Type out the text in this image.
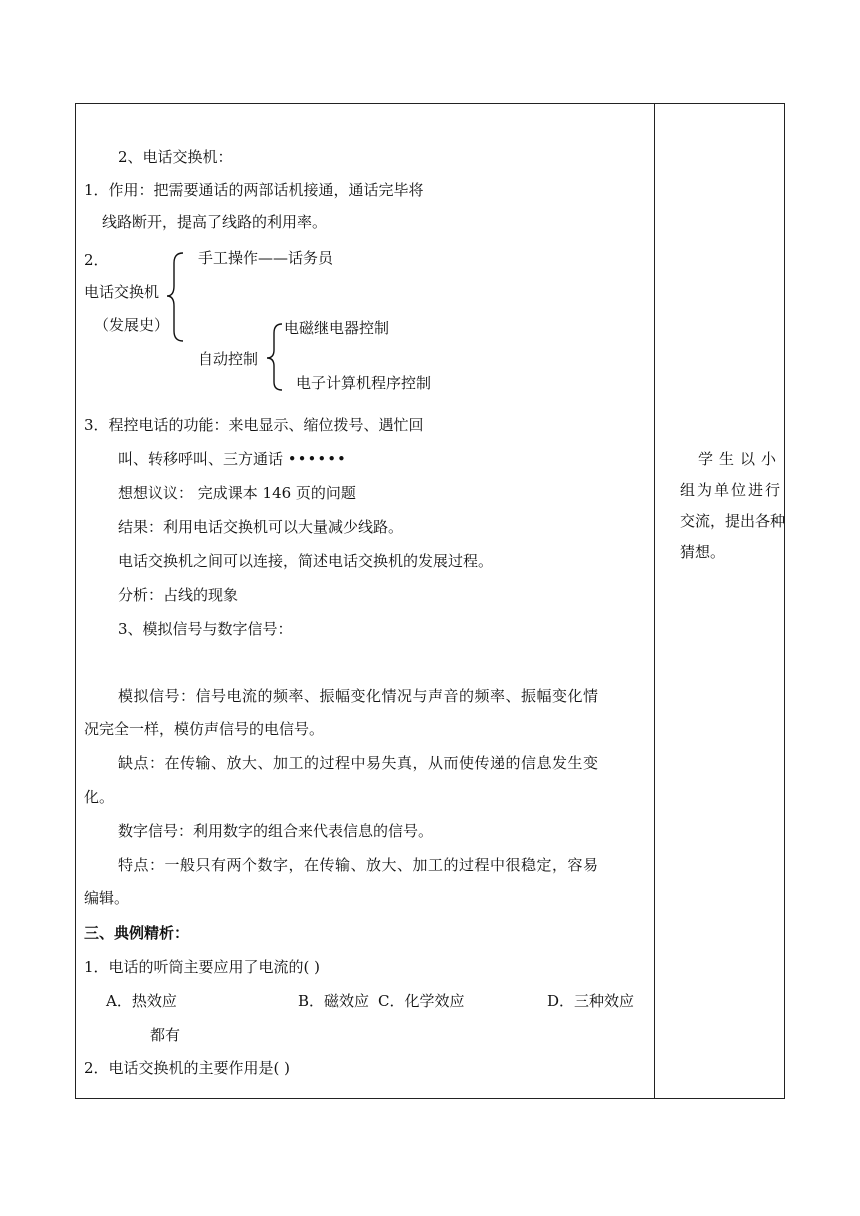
2、电话交换机：
1．作用：把需要通话的两部话机接通，通话完毕将
线路断开，提高了线路的利用率。
2．
电话交换机
（发展史）
手工操作——话务员
自动控制
电磁继电器控制
电子计算机程序控制
3．程控电话的功能：来电显示、缩位拨号、遇忙回
叫、转移呼叫、三方通话 ••••••
想想议议： 完成课本 146 页的问题
结果：利用电话交换机可以大量减少线路。
电话交换机之间可以连接，简述电话交换机的发展过程。
分析：占线的现象
3、模拟信号与数字信号：
模拟信号：信号电流的频率、振幅变化情况与声音的频率、振幅变化情
况完全一样，模仿声信号的电信号。
缺点：在传输、放大、加工的过程中易失真，从而使传递的信息发生变
化。
数字信号：利用数字的组合来代表信息的信号。
特点：一般只有两个数字，在传输、放大、加工的过程中很稳定，容易
编辑。
三、典例精析：
1．电话的听筒主要应用了电流的( )
A．热效应	B．磁效应 C．化学效应	D．三种效应
都有
2．电话交换机的主要作用是( )
学生以小
组为单位进行
交流，提出各种
猜想。
